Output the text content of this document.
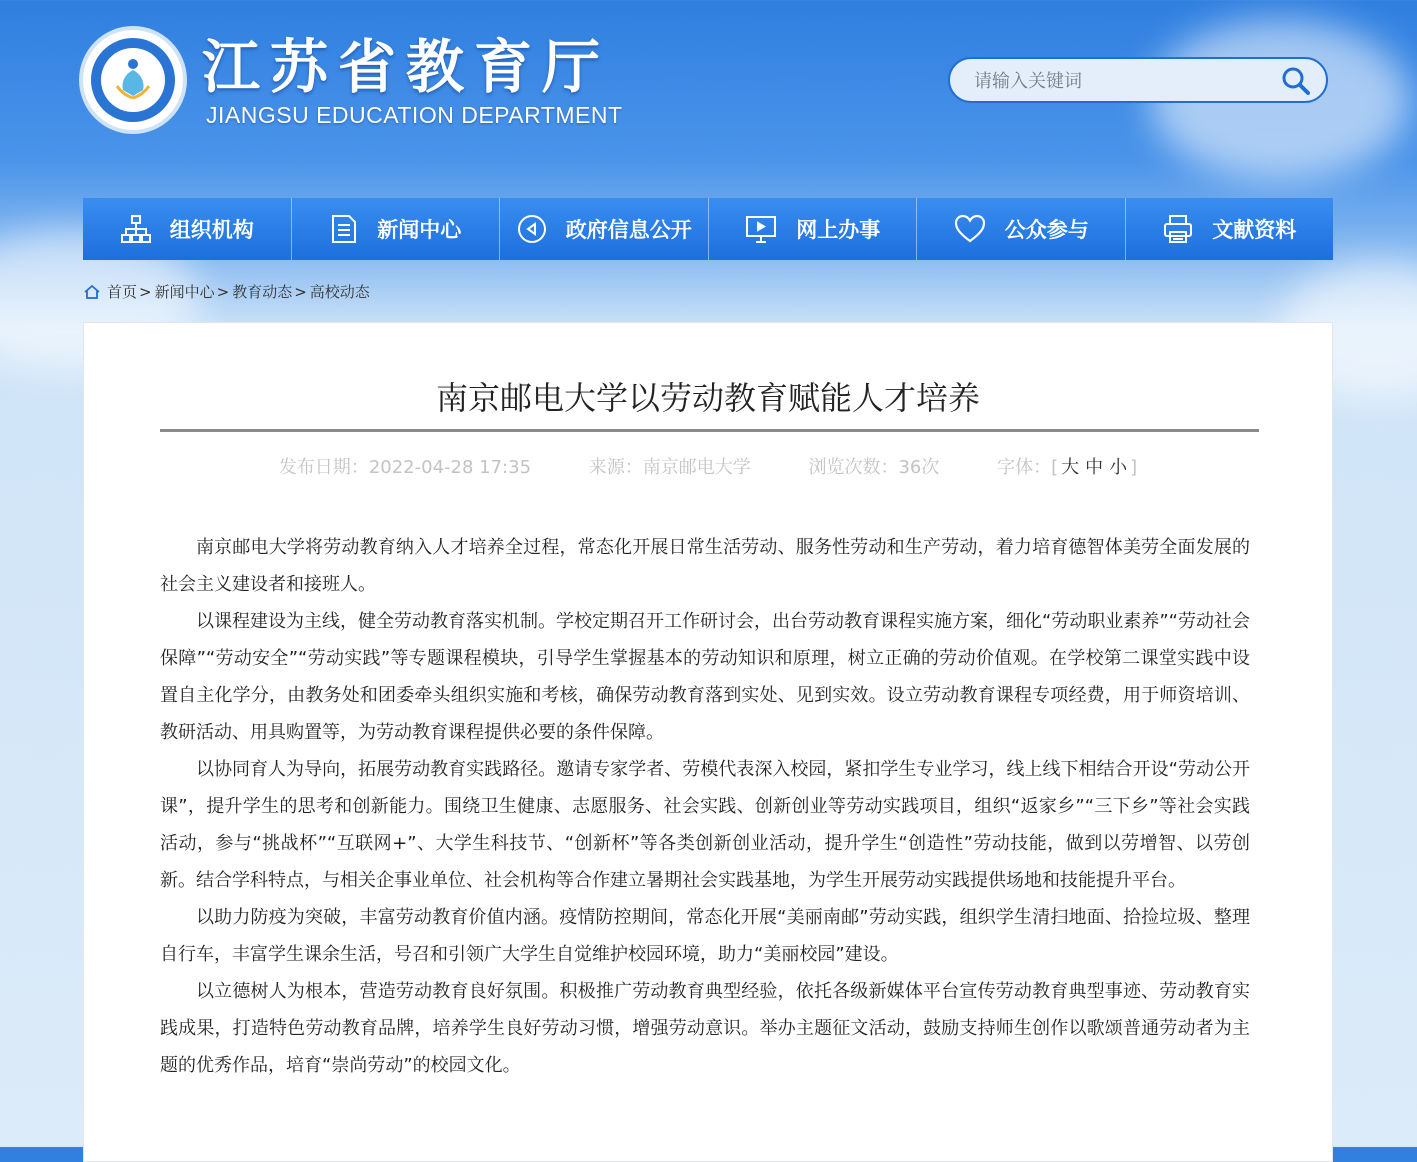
江苏省教育厅
JIANGSU EDUCATION DEPARTMENT
请输入关键词
组织机构	新闻中心	政府信息公开	网上办事	公众参与	文献资料
首页 > 新闻中心 > 教育动态 > 高校动态
南京邮电大学以劳动教育赋能人才培养
发布日期：2022-04-28 17:35	来源：南京邮电大学	浏览次数：36次	字体：[ 大 中 小 ]

南京邮电大学将劳动教育纳入人才培养全过程，常态化开展日常生活劳动、服务性劳动和生产劳动，着力培育德智体美劳全面发展的社会主义建设者和接班人。

以课程建设为主线，健全劳动教育落实机制。学校定期召开工作研讨会，出台劳动教育课程实施方案，细化“劳动职业素养”“劳动社会保障”“劳动安全”“劳动实践”等专题课程模块，引导学生掌握基本的劳动知识和原理，树立正确的劳动价值观。在学校第二课堂实践中设置自主化学分，由教务处和团委牵头组织实施和考核，确保劳动教育落到实处、见到实效。设立劳动教育课程专项经费，用于师资培训、教研活动、用具购置等，为劳动教育课程提供必要的条件保障。

以协同育人为导向，拓展劳动教育实践路径。邀请专家学者、劳模代表深入校园，紧扣学生专业学习，线上线下相结合开设“劳动公开课”，提升学生的思考和创新能力。围绕卫生健康、志愿服务、社会实践、创新创业等劳动实践项目，组织“返家乡”“三下乡”等社会实践活动，参与“挑战杯”“互联网+”、大学生科技节、“创新杯”等各类创新创业活动，提升学生“创造性”劳动技能，做到以劳增智、以劳创新。结合学科特点，与相关企事业单位、社会机构等合作建立暑期社会实践基地，为学生开展劳动实践提供场地和技能提升平台。

以助力防疫为突破，丰富劳动教育价值内涵。疫情防控期间，常态化开展“美丽南邮”劳动实践，组织学生清扫地面、拾捡垃圾、整理自行车，丰富学生课余生活，号召和引领广大学生自觉维护校园环境，助力“美丽校园”建设。

以立德树人为根本，营造劳动教育良好氛围。积极推广劳动教育典型经验，依托各级新媒体平台宣传劳动教育典型事迹、劳动教育实践成果，打造特色劳动教育品牌，培养学生良好劳动习惯，增强劳动意识。举办主题征文活动，鼓励支持师生创作以歌颂普通劳动者为主题的优秀作品，培育“崇尚劳动”的校园文化。
